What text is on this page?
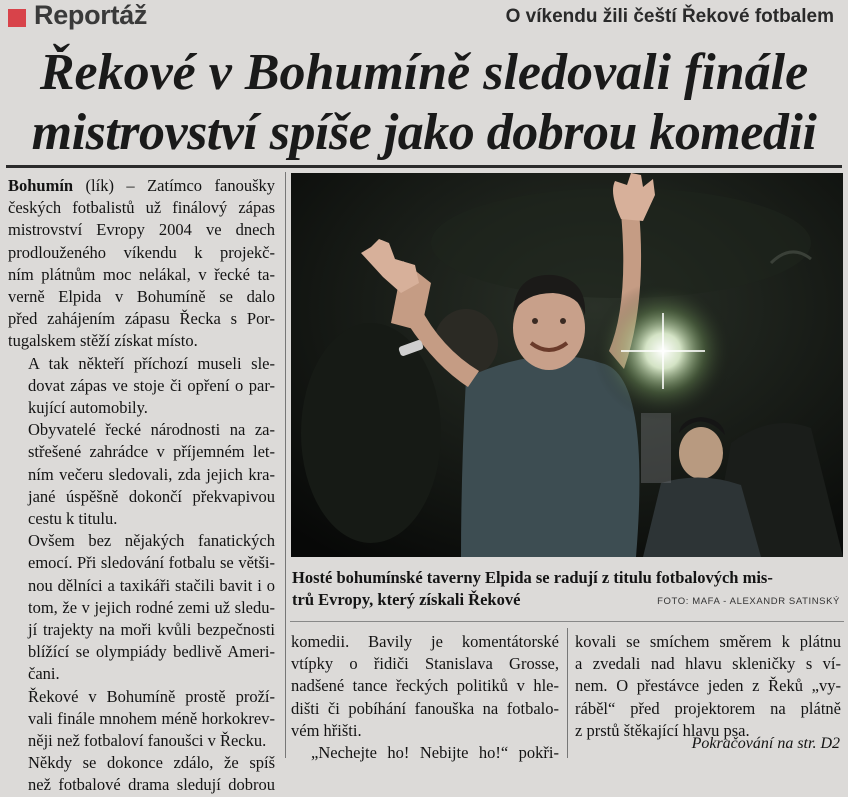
Reportáž	O víkendu žili čeští Řekové fotbalem
Řekové v Bohumíně sledovali finále
mistrovství spíše jako dobrou komedii

Bohumín (lík) – Zatímco fanoušky
českých fotbalistů už finálový zápas
mistrovství Evropy 2004 ve dnech
prodlouženého víkendu k projekč-
ním plátnům moc nelákal, v řecké ta-
verně Elpida v Bohumíně se dalo
před zahájením zápasu Řecka s Por-
tugalskem stěží získat místo.

A tak někteří příchozí museli sle-
dovat zápas ve stoje či opření o par-
kující automobily.

Obyvatelé řecké národnosti na za-
střešené zahrádce v příjemném let-
ním večeru sledovali, zda jejich kra-
jané úspěšně dokončí překvapivou
cestu k titulu.

Ovšem bez nějakých fanatických
emocí. Při sledování fotbalu se větši-
nou dělníci a taxikáři stačili bavit i o
tom, že v jejich rodné zemi už sledu-
jí trajekty na moři kvůli bezpečnosti
blížící se olympiády bedlivě Ameri-
čani.

Řekové v Bohumíně prostě proží-
vali finále mnohem méně horkokrev-
něji než fotbaloví fanoušci v Řecku.

Někdy se dokonce zdálo, že spíš
než fotbalové drama sledují dobrou

Hosté bohumínské taverny Elpida se radují z titulu fotbalových mis-
trů Evropy, který získali Řekové	FOTO: MAFA - ALEXANDR SATINSKÝ

komedii. Bavily je komentátorské
vtípky o řidiči Stanislava Grosse,
nadšené tance řeckých politiků v hle-
dišti či pobíhání fanouška na fotbalo-
vém hřišti.

„Nechejte ho! Nebijte ho!“ pokři-

kovali se smíchem směrem k plátnu
a zvedali nad hlavu skleničky s ví-
nem. O přestávce jeden z Řeků „vy-
ráběl“ před projektorem na plátně
z prstů štěkající hlavu psa.

Pokračování na str. D2
